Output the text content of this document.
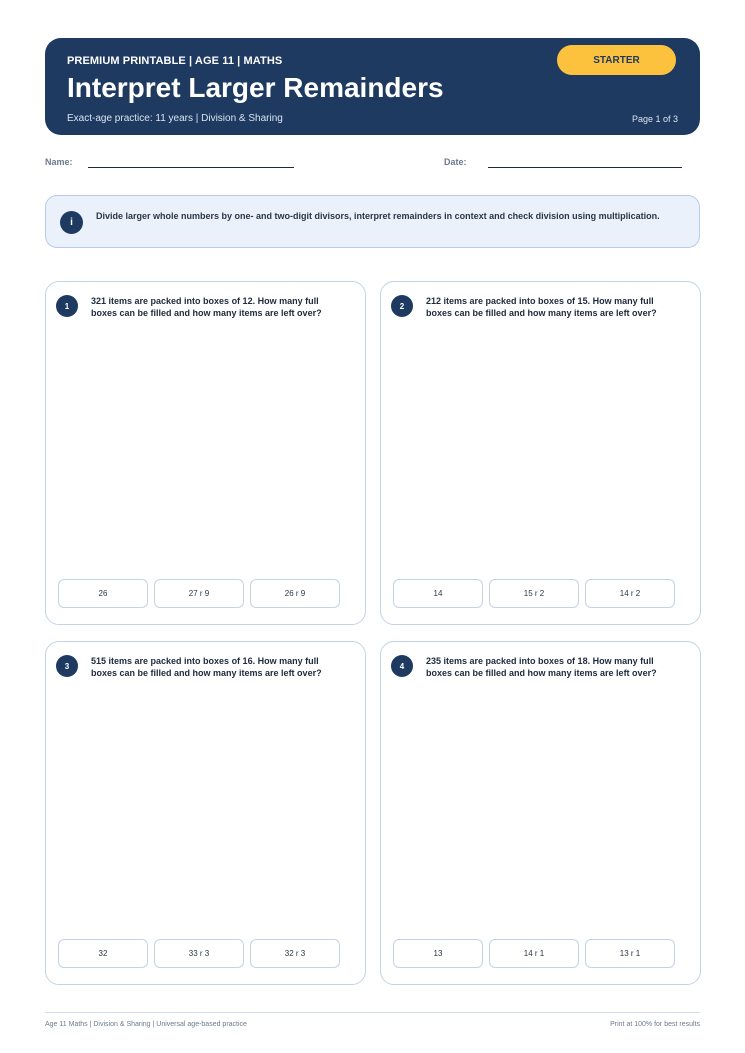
PREMIUM PRINTABLE | AGE 11 | MATHS
Interpret Larger Remainders
Exact-age practice: 11 years | Division & Sharing	Page 1 of 3
STARTER
Name:	Date:
i
Divide larger whole numbers by one- and two-digit divisors, interpret remainders in context and check division using multiplication.
1	321 items are packed into boxes of 12. How many full boxes can be filled and how many items are left over?
26	27 r 9	26 r 9
2	212 items are packed into boxes of 15. How many full boxes can be filled and how many items are left over?
14	15 r 2	14 r 2
3	515 items are packed into boxes of 16. How many full boxes can be filled and how many items are left over?
32	33 r 3	32 r 3
4	235 items are packed into boxes of 18. How many full boxes can be filled and how many items are left over?
13	14 r 1	13 r 1
Age 11 Maths | Division & Sharing | Universal age-based practice	Print at 100% for best results
